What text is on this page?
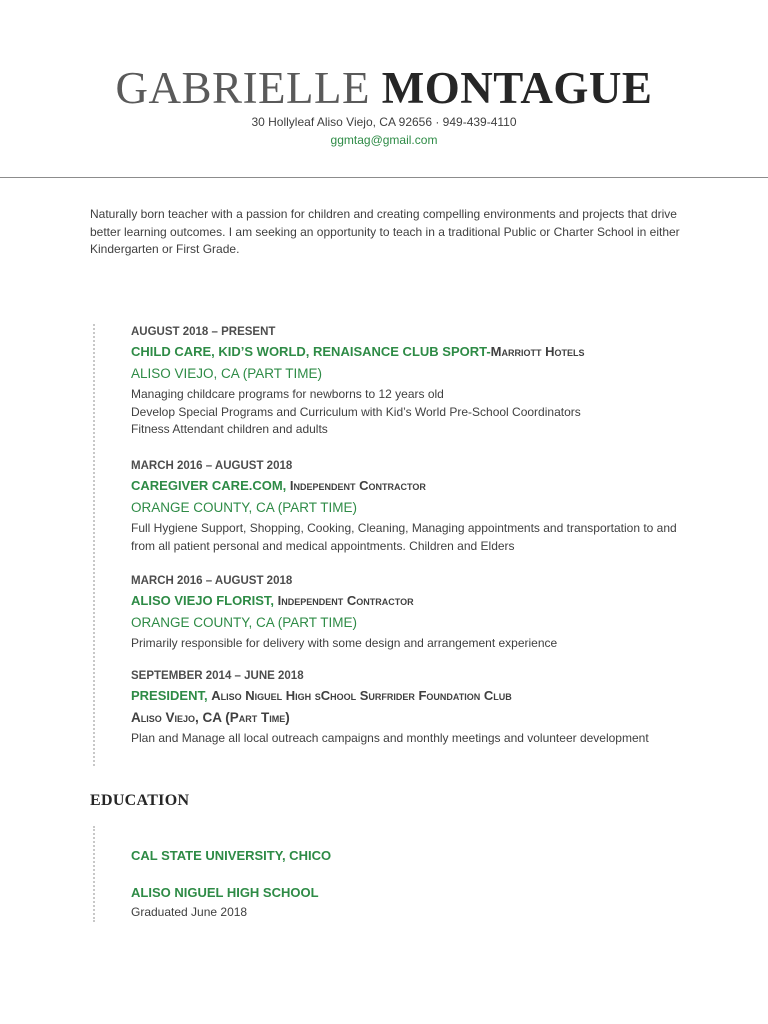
GABRIELLE MONTAGUE
30 Hollyleaf Aliso Viejo, CA 92656 · 949-439-4110
ggmtag@gmail.com
Naturally born teacher with a passion for children and creating compelling environments and projects that drive better learning outcomes. I am seeking an opportunity to teach in a traditional Public or Charter School in either Kindergarten or First Grade.
AUGUST 2018 – PRESENT
CHILD CARE, KID’S WORLD, RENAISANCE CLUB SPORT-Marriott Hotels
ALISO VIEJO, CA (PART TIME)
Managing childcare programs for newborns to 12 years old
Develop Special Programs and Curriculum with Kid’s World Pre-School Coordinators
Fitness Attendant children and adults
MARCH 2016 – AUGUST 2018
CAREGIVER CARE.COM, Independent Contractor
ORANGE COUNTY, CA (PART TIME)
Full Hygiene Support, Shopping, Cooking, Cleaning, Managing appointments and transportation to and from all patient personal and medical appointments. Children and Elders
MARCH 2016 – AUGUST 2018
ALISO VIEJO FLORIST, Independent Contractor
ORANGE COUNTY, CA (PART TIME)
Primarily responsible for delivery with some design and arrangement experience
SEPTEMBER 2014 – JUNE 2018
PRESIDENT, Aliso Niguel High sChool Surfrider Foundation Club
Aliso Viejo, CA (Part Time)
Plan and Manage all local outreach campaigns and monthly meetings and volunteer development
EDUCATION
CAL STATE UNIVERSITY, CHICO
ALISO NIGUEL HIGH SCHOOL
Graduated June 2018
